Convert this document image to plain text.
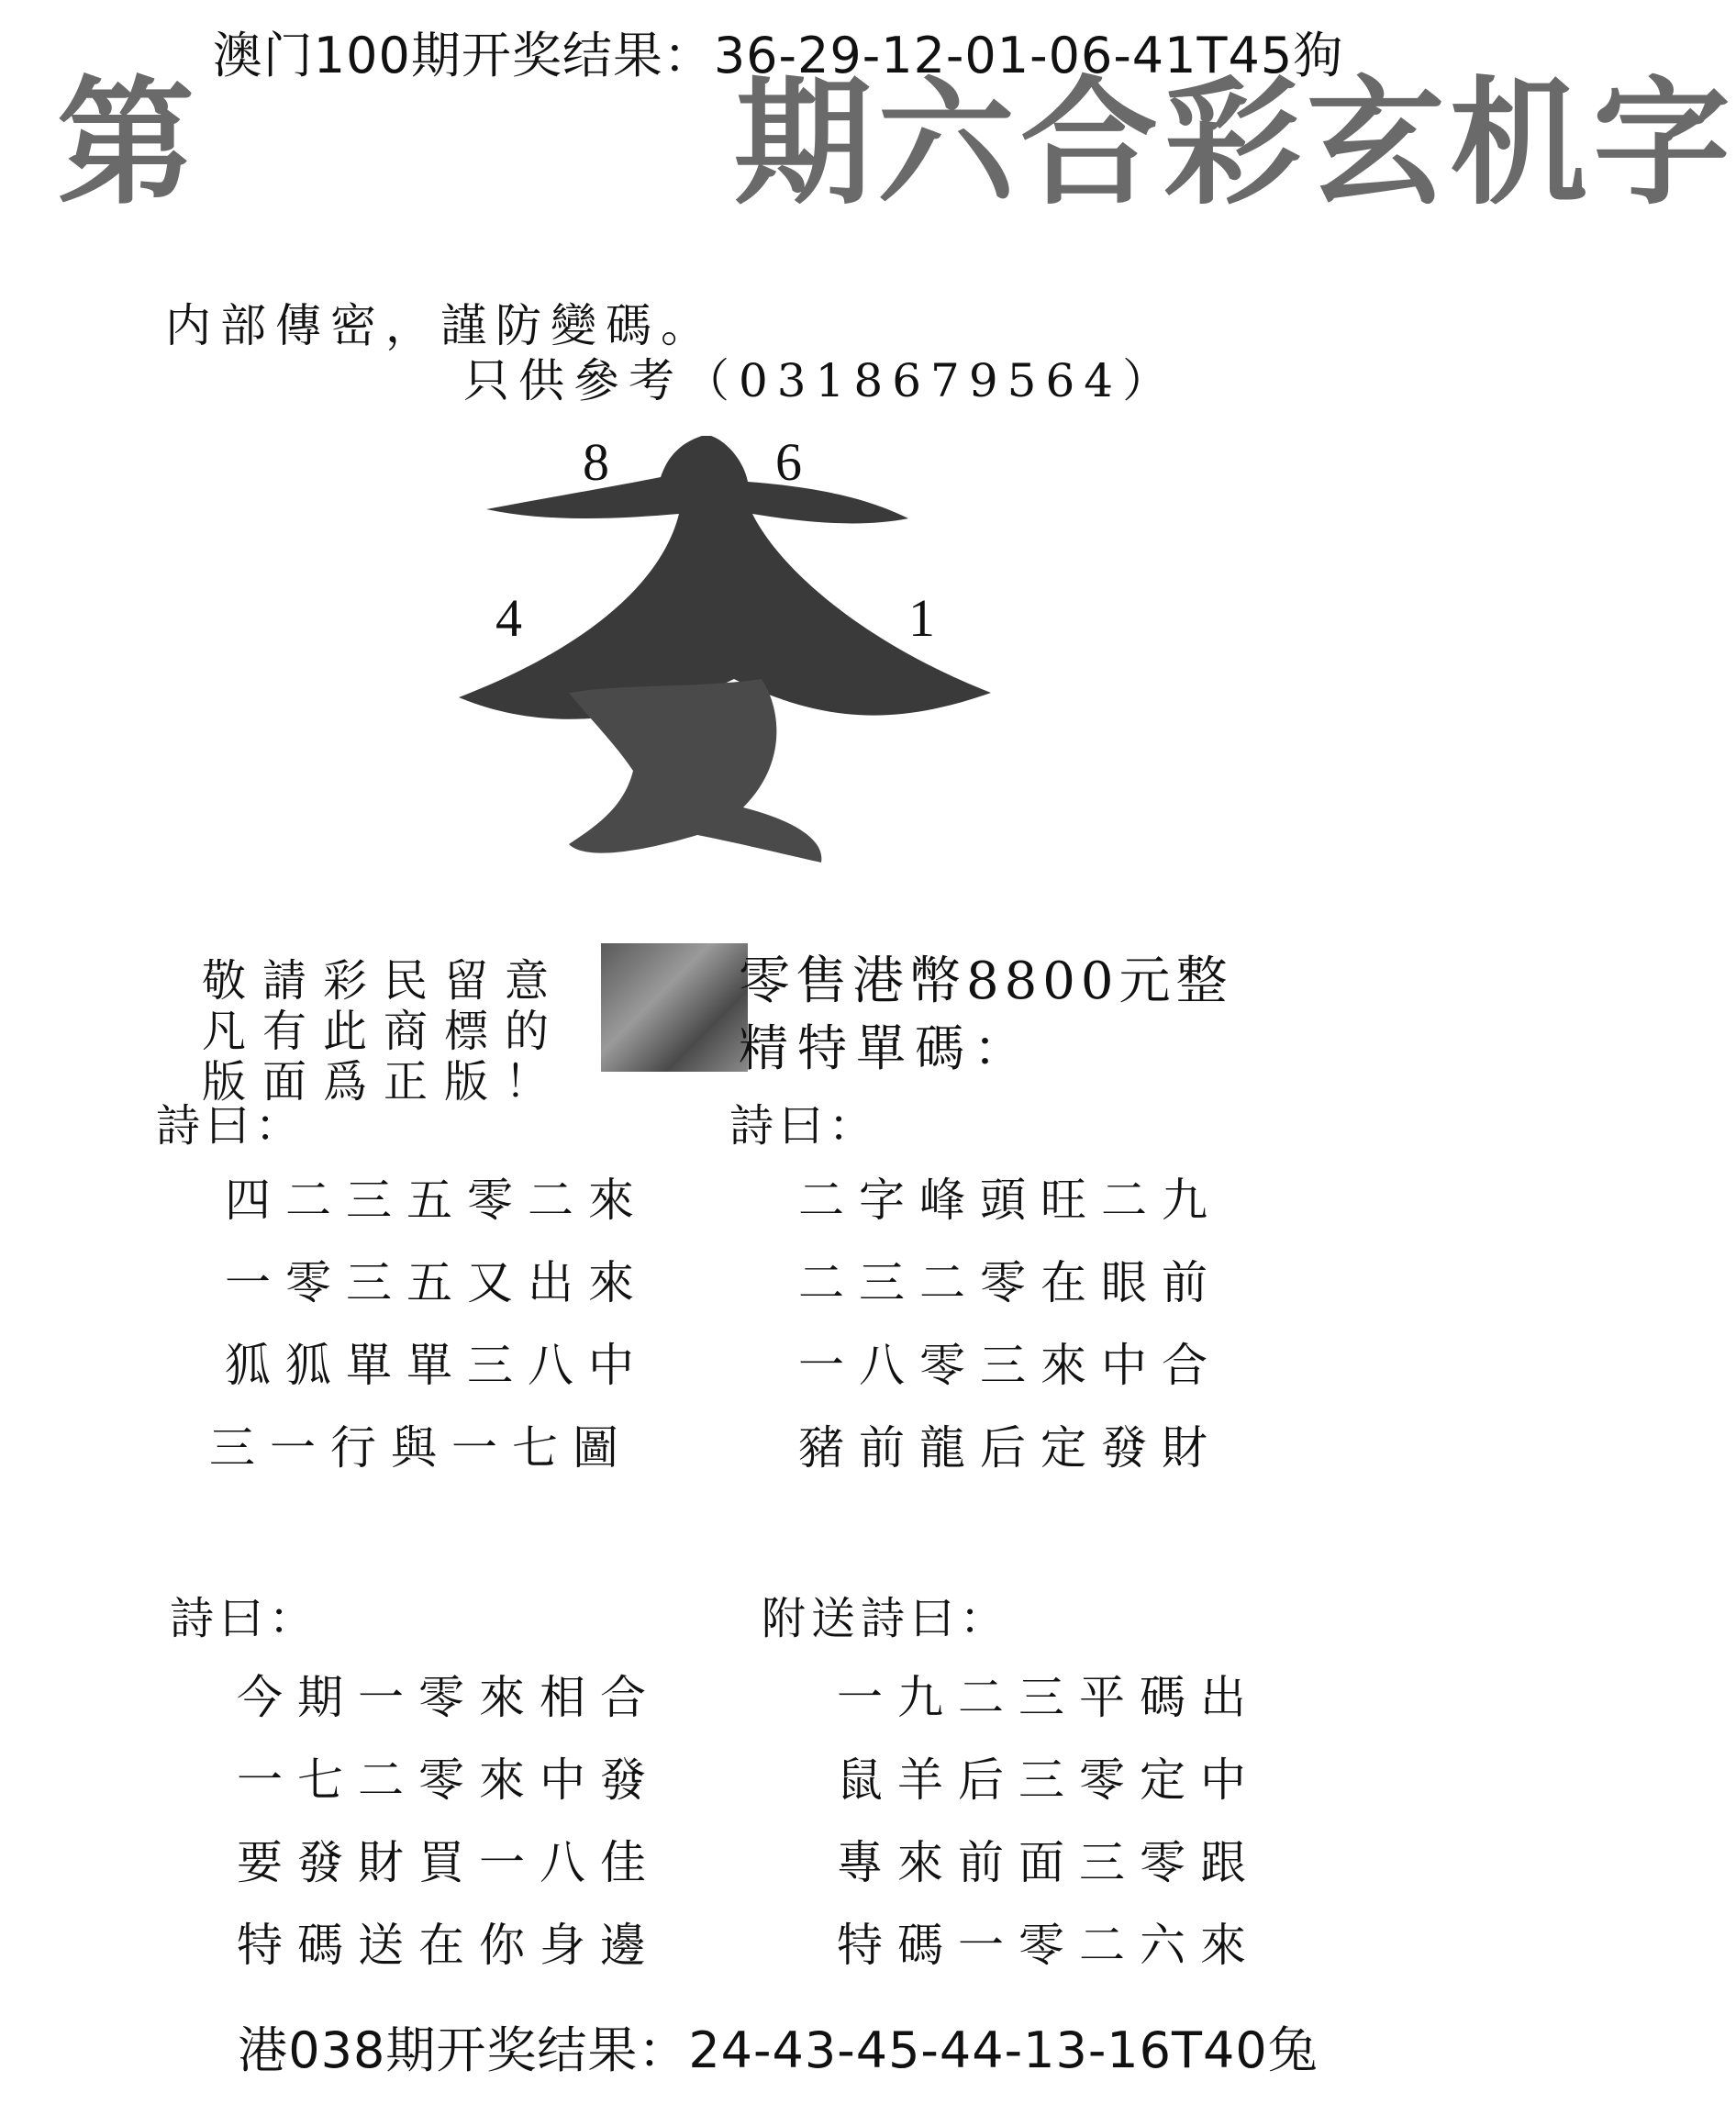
澳门100期开奖结果：36-29-12-01-06-41T45狗
第	期六合彩玄机字
内部傳密，謹防變碼。
只供參考（0318679564）
8	6
4	1
敬請彩民留意
凡有此商標的
版面爲正版！
零售港幣8800元整
精特單碼：
詩曰：
四二三五零二來
一零三五又出來
狐狐單單三八中
三一行與一七圖
詩曰：
二字峰頭旺二九
二三二零在眼前
一八零三來中合
豬前龍后定發財
詩曰：
今期一零來相合
一七二零來中發
要發財買一八佳
特碼送在你身邊
附送詩曰：
一九二三平碼出
鼠羊后三零定中
專來前面三零跟
特碼一零二六來
港038期开奖结果：24-43-45-44-13-16T40兔
